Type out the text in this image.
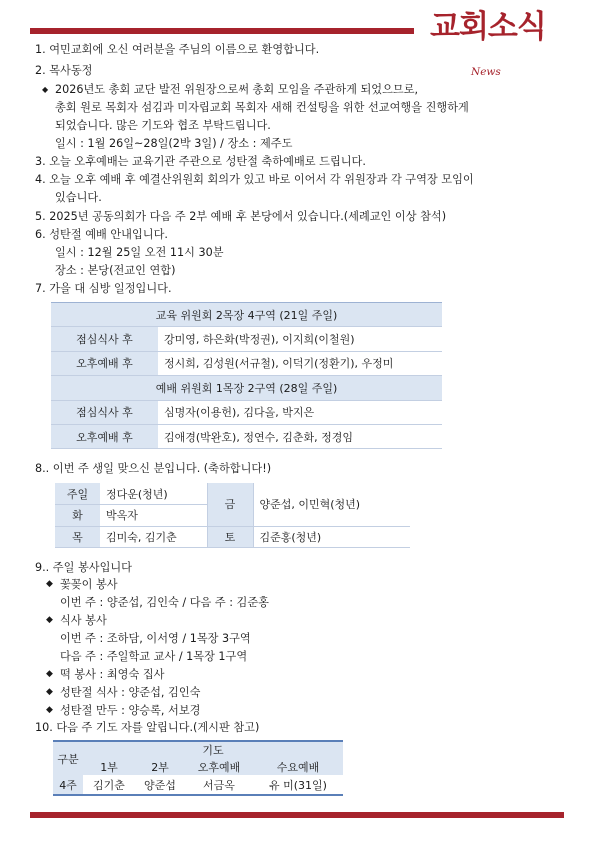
교회소식
News
1. 여민교회에 오신 여러분을 주님의 이름으로 환영합니다.
2. 목사동정
◆ 2026년도 총회 교단 발전 위원장으로써 총회 모임을 주관하게 되었으므로,
총회 원로 목회자 섬김과 미자립교회 목회자 새해 컨설팅을 위한 선교여행을 진행하게
되었습니다. 많은 기도와 협조 부탁드립니다.
일시 : 1월 26일~28일(2박 3일) / 장소 : 제주도
3. 오늘 오후예배는 교육기관 주관으로 성탄절 축하예배로 드립니다.
4. 오늘 오후 예배 후 예결산위원회 회의가 있고 바로 이어서 각 위원장과 각 구역장 모임이
있습니다.
5. 2025년 공동의회가 다음 주 2부 예배 후 본당에서 있습니다.(세례교인 이상 참석)
6. 성탄절 예배 안내입니다.
일시 : 12월 25일 오전 11시 30분
장소 : 본당(전교인 연합)
7. 가을 대 심방 일정입니다.
교육 위원회 2목장 4구역 (21일 주일)	
점심식사 후	강미영, 하은화(박정권), 이지희(이철원)
오후예배 후	정시희, 김성원(서규철), 이덕기(정환기), 우정미
예배 위원회 1목장 2구역 (28일 주일)	
점심식사 후	심명자(이용헌), 김다올, 박지은
오후예배 후	김애경(박완호), 정연수, 김춘화, 정경임
8.. 이번 주 생일 맞으신 분입니다. (축하합니다!)
주일	정다운(청년)	금	양준섭, 이민혁(청년)
화	박옥자		
목	김미숙, 김기춘	토	김준홍(청년)
9.. 주일 봉사입니다
◆ 꽃꽂이 봉사
이번 주 : 양준섭, 김인숙 / 다음 주 : 김준홍
◆ 식사 봉사
이번 주 : 조하담, 이서영 / 1목장 3구역
다음 주 : 주일학교 교사 / 1목장 1구역
◆ 떡 봉사 : 최영숙 집사
◆ 성탄절 식사 : 양준섭, 김인숙
◆ 성탄절 만두 : 양승록, 서보경
10. 다음 주 기도 자를 알립니다.(게시판 참고)
구분	기도			
	1부	2부	오후예배	수요예배
4주	김기춘	양준섭	서금옥	유 미(31일)
